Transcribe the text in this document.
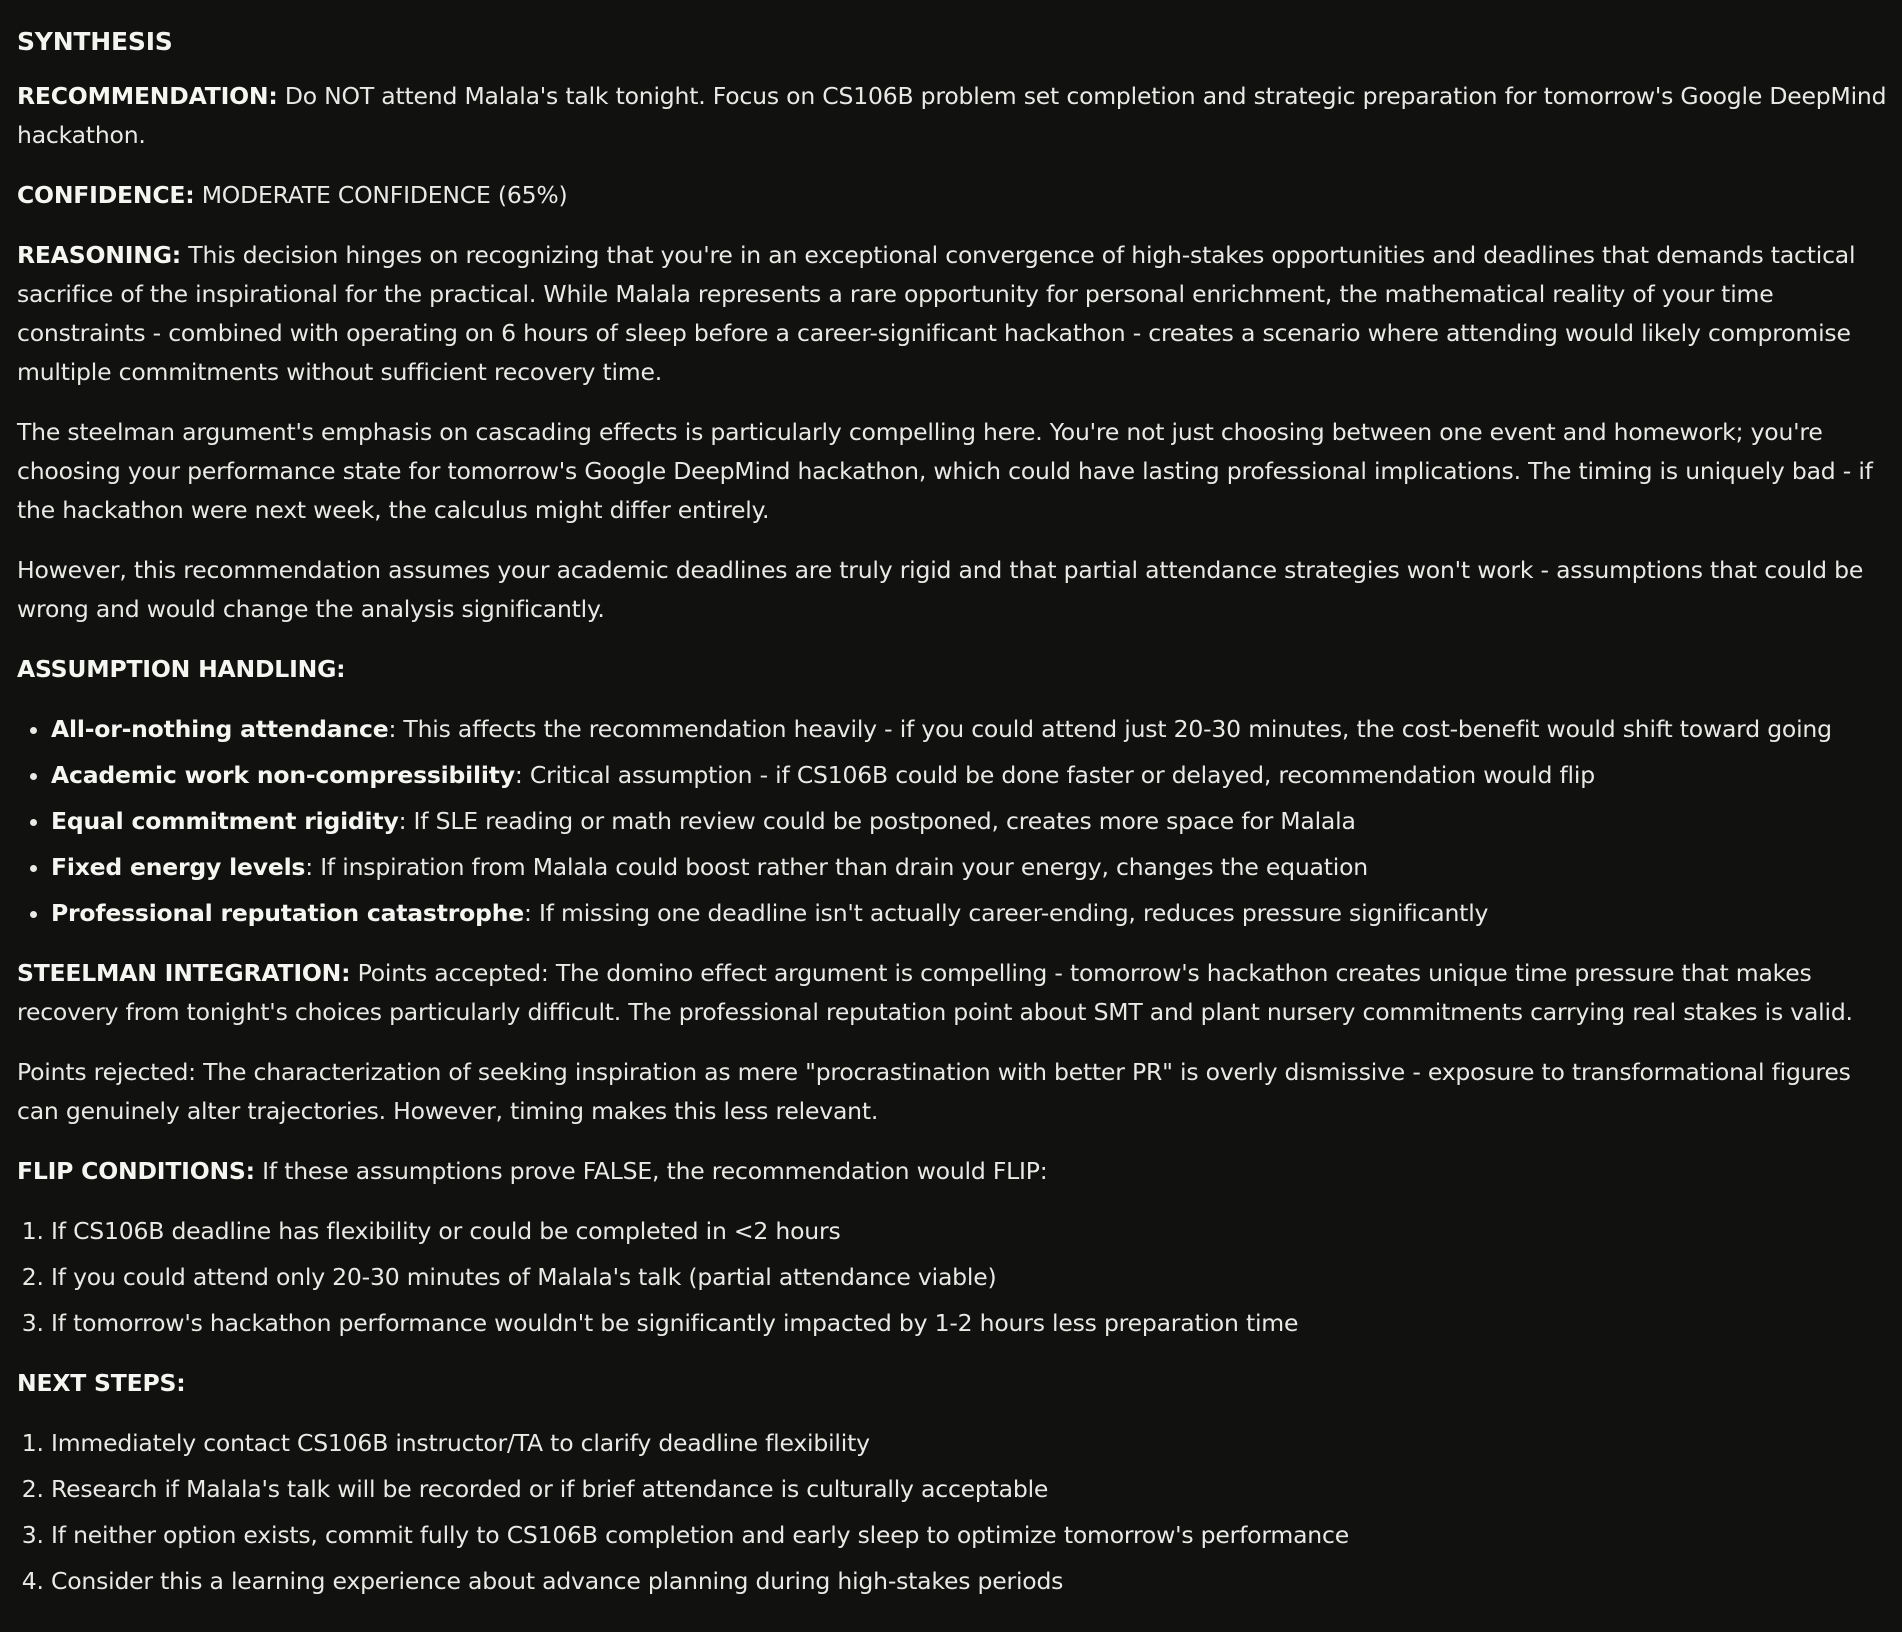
SYNTHESIS

RECOMMENDATION: Do NOT attend Malala's talk tonight. Focus on CS106B problem set completion and strategic preparation for tomorrow's Google DeepMind hackathon.

CONFIDENCE: MODERATE CONFIDENCE (65%)

REASONING: This decision hinges on recognizing that you're in an exceptional convergence of high-stakes opportunities and deadlines that demands tactical sacrifice of the inspirational for the practical. While Malala represents a rare opportunity for personal enrichment, the mathematical reality of your time constraints - combined with operating on 6 hours of sleep before a career-significant hackathon - creates a scenario where attending would likely compromise multiple commitments without sufficient recovery time.

The steelman argument's emphasis on cascading effects is particularly compelling here. You're not just choosing between one event and homework; you're choosing your performance state for tomorrow's Google DeepMind hackathon, which could have lasting professional implications. The timing is uniquely bad - if the hackathon were next week, the calculus might differ entirely.

However, this recommendation assumes your academic deadlines are truly rigid and that partial attendance strategies won't work - assumptions that could be wrong and would change the analysis significantly.

ASSUMPTION HANDLING:

• All-or-nothing attendance: This affects the recommendation heavily - if you could attend just 20-30 minutes, the cost-benefit would shift toward going
• Academic work non-compressibility: Critical assumption - if CS106B could be done faster or delayed, recommendation would flip
• Equal commitment rigidity: If SLE reading or math review could be postponed, creates more space for Malala
• Fixed energy levels: If inspiration from Malala could boost rather than drain your energy, changes the equation
• Professional reputation catastrophe: If missing one deadline isn't actually career-ending, reduces pressure significantly

STEELMAN INTEGRATION: Points accepted: The domino effect argument is compelling - tomorrow's hackathon creates unique time pressure that makes recovery from tonight's choices particularly difficult. The professional reputation point about SMT and plant nursery commitments carrying real stakes is valid.

Points rejected: The characterization of seeking inspiration as mere "procrastination with better PR" is overly dismissive - exposure to transformational figures can genuinely alter trajectories. However, timing makes this less relevant.

FLIP CONDITIONS: If these assumptions prove FALSE, the recommendation would FLIP:

1. If CS106B deadline has flexibility or could be completed in <2 hours
2. If you could attend only 20-30 minutes of Malala's talk (partial attendance viable)
3. If tomorrow's hackathon performance wouldn't be significantly impacted by 1-2 hours less preparation time

NEXT STEPS:

1. Immediately contact CS106B instructor/TA to clarify deadline flexibility
2. Research if Malala's talk will be recorded or if brief attendance is culturally acceptable
3. If neither option exists, commit fully to CS106B completion and early sleep to optimize tomorrow's performance
4. Consider this a learning experience about advance planning during high-stakes periods
